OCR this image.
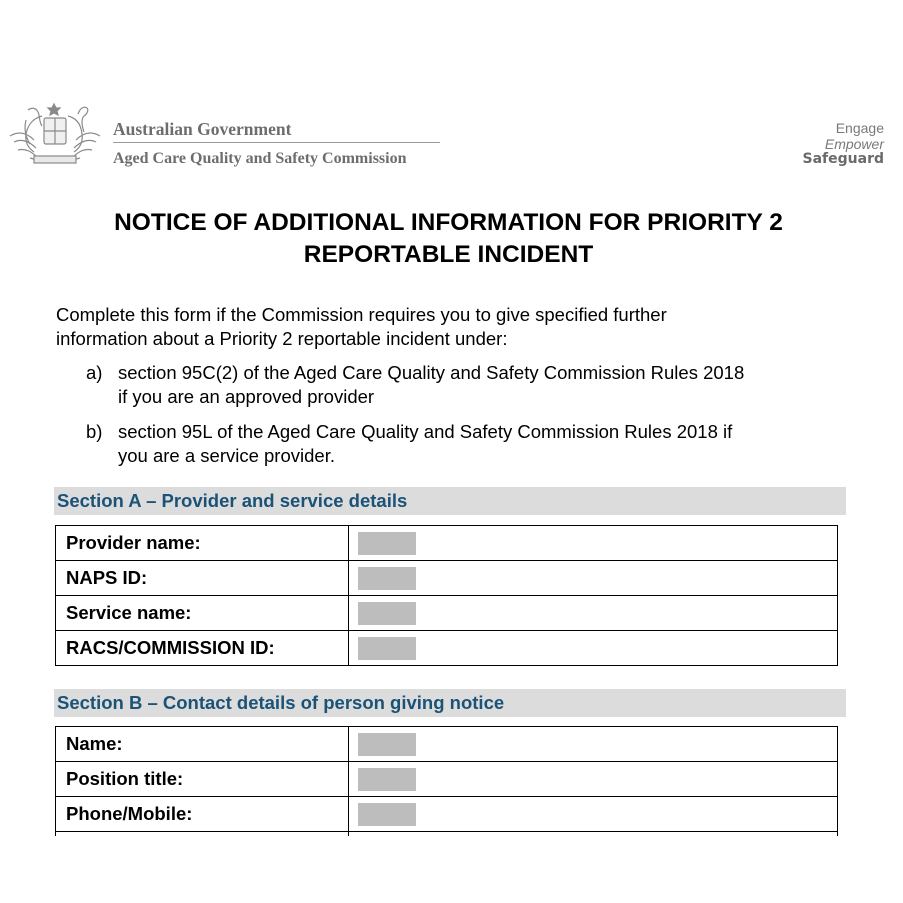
Australian Government
Aged Care Quality and Safety Commission
Engage
Empower
Safeguard
NOTICE OF ADDITIONAL INFORMATION FOR PRIORITY 2
REPORTABLE INCIDENT
Complete this form if the Commission requires you to give specified further
information about a Priority 2 reportable incident under:
a) section 95C(2) of the Aged Care Quality and Safety Commission Rules 2018
if you are an approved provider
b) section 95L of the Aged Care Quality and Safety Commission Rules 2018 if
you are a service provider.
Section A – Provider and service details
Provider name:	
NAPS ID:	
Service name:	
RACS/COMMISSION ID:	
Section B – Contact details of person giving notice
Name:	
Position title:	
Phone/Mobile:	
